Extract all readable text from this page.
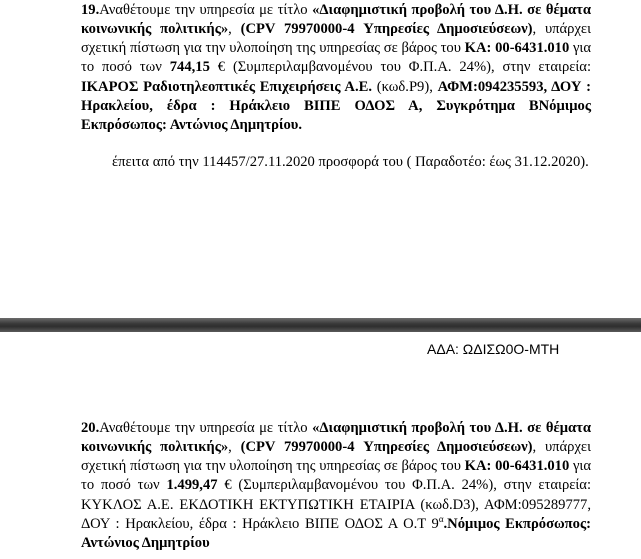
19.Αναθέτουμε την υπηρεσία με τίτλο «Διαφημιστική προβολή του Δ.Η. σε θέματα κοινωνικής πολιτικής», (CPV 79970000-4 Υπηρεσίες Δημοσιεύσεων), υπάρχει σχετική πίστωση για την υλοποίηση της υπηρεσίας σε βάρος του ΚΑ: 00-6431.010 για το ποσό των 744,15 € (Συμπεριλαμβανομένου του Φ.Π.Α. 24%), στην εταιρεία: ΙΚΑΡΟΣ Ραδιοτηλεοπτικές Επιχειρήσεις Α.Ε. (κωδ.Ρ9), ΑΦΜ:094235593, ΔΟΥ : Ηρακλείου, έδρα : Ηράκλειο ΒΙΠΕ ΟΔΟΣ Α, Συγκρότημα ΒΝόμιμος Εκπρόσωπος: Αντώνιος Δημητρίου.

έπειτα από την 114457/27.11.2020 προσφορά του ( Παραδοτέο: έως 31.12.2020).
ΑΔΑ: ΩΔΙΣΩ0Ο-ΜΤΗ

20.Αναθέτουμε την υπηρεσία με τίτλο «Διαφημιστική προβολή του Δ.Η. σε θέματα κοινωνικής πολιτικής», (CPV 79970000-4 Υπηρεσίες Δημοσιεύσεων), υπάρχει σχετική πίστωση για την υλοποίηση της υπηρεσίας σε βάρος του ΚΑ: 00-6431.010 για το ποσό των 1.499,47 € (Συμπεριλαμβανομένου του Φ.Π.Α. 24%), στην εταιρεία: ΚΥΚΛΟΣ Α.Ε. ΕΚΔΟΤΙΚΗ ΕΚΤΥΠΩΤΙΚΗ ΕΤΑΙΡΙΑ (κωδ.D3), ΑΦΜ:095289777, ΔΟΥ : Ηρακλείου, έδρα : Ηράκλειο ΒΙΠΕ ΟΔΟΣ Α Ο.Τ $9^\alpha.Nό\mu\iota\mu o\varsigma$ Εκπρόσωπος: Αντώνιος Δημητρίου
